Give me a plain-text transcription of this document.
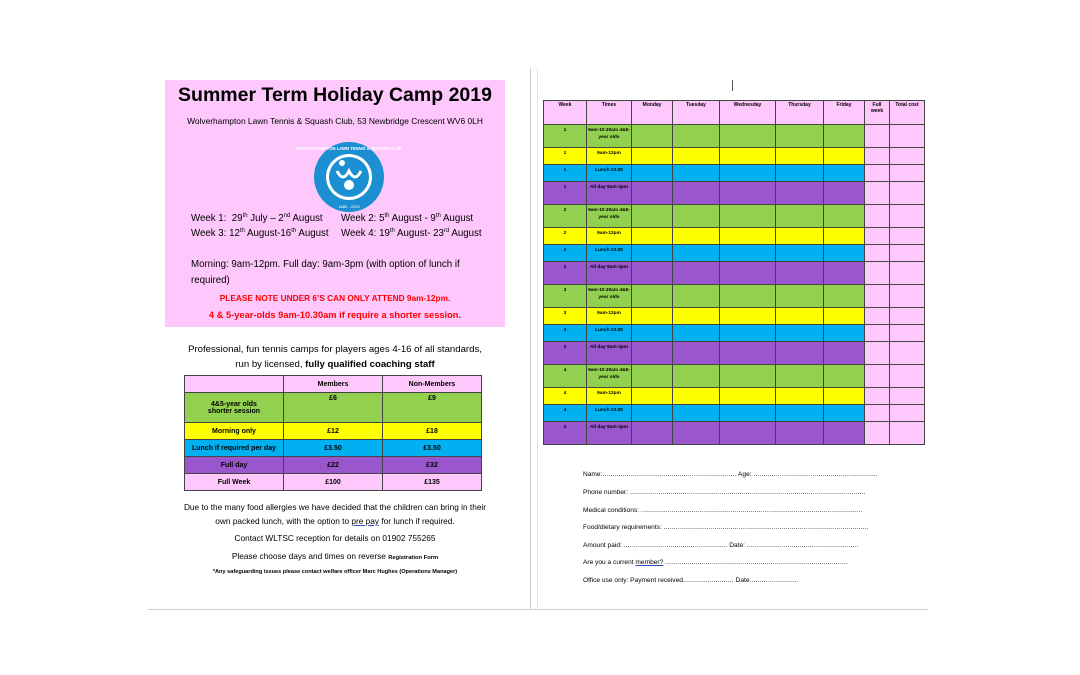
Summer Term Holiday Camp 2019
Wolverhampton Lawn Tennis & Squash Club, 53 Newbridge Crescent WV6 0LH
WOLVERHAMPTON LAWN TENNIS & SQUASH CLUB
1885 - 2010
Week 1: 29th July – 2nd August Week 2: 5th August - 9th August
Week 3: 12th August-16th August Week 4: 19th August- 23rd August
Morning: 9am-12pm. Full day: 9am-3pm (with option of lunch if required)
PLEASE NOTE UNDER 6’S CAN ONLY ATTEND 9am-12pm.
4 & 5-year-olds 9am-10.30am if require a shorter session.
Professional, fun tennis camps for players ages 4-16 of all standards,
run by licensed, fully qualified coaching staff
	Members	Non-Members
4&5-year olds shorter session	£6	£9
Morning only	£12	£18
Lunch if required per day	£3.50	£3.50
Full day	£22	£32
Full Week	£100	£135
Due to the many food allergies we have decided that the children can bring in their own packed lunch, with the option to pre pay for lunch if required.
Contact WLTSC reception for details on 01902 755265
Please choose days and times on reverse Registration Form
*Any safeguarding issues please contact welfare officer Marc Hughes (Operations Manager)
Week	Times	Monday	Tuesday	Wednesday	Thursday	Friday	Full week	Total cost
1	9am-10.30am 4&5-year olds							
1	9am-12pm							
1	Lunch £3.50							
1	All day 9am-3pm							
2	9am-10.30am 4&5-year olds							
2	9am-12pm							
2	Lunch £3.50							
2	All day 9am-3pm							
3	9am-10.30am 4&5-year olds							
3	9am-12pm							
3	Lunch £3.50							
3	All day 9am-3pm							
4	9am-10.30am 4&5-year olds							
4	9am-12pm							
4	Lunch £3.50							
4	All day 9am-3pm							
Name:.................................................................. Age: .............................................................
Phone number: ....................................................................................................................
Medical conditions: .............................................................................................................
Food/dietary requirements: .....................................................................................................
Amount paid: ................................................... Date: .......................................................
Are you a current member? ..........................................................................................
Office use only: Payment received......................... Date........................
